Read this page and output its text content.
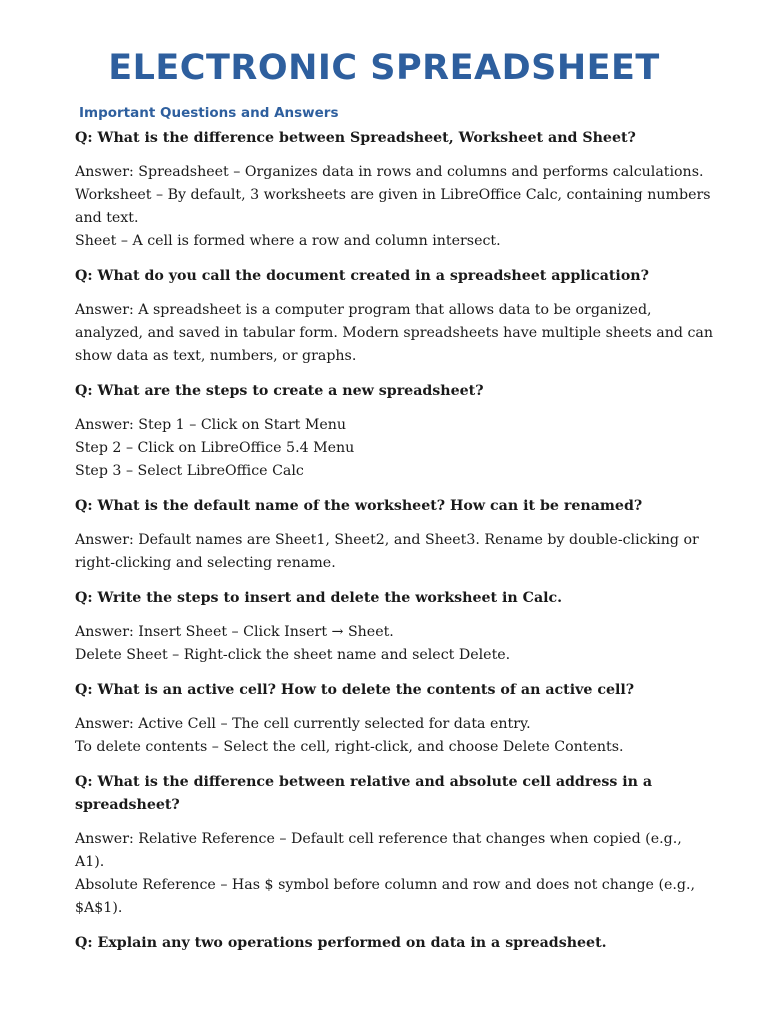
ELECTRONIC SPREADSHEET
Important Questions and Answers

Q: What is the difference between Spreadsheet, Worksheet and Sheet?

Answer: Spreadsheet – Organizes data in rows and columns and performs calculations. Worksheet – By default, 3 worksheets are given in LibreOffice Calc, containing numbers and text.
Sheet – A cell is formed where a row and column intersect.

Q: What do you call the document created in a spreadsheet application?

Answer: A spreadsheet is a computer program that allows data to be organized, analyzed, and saved in tabular form. Modern spreadsheets have multiple sheets and can show data as text, numbers, or graphs.

Q: What are the steps to create a new spreadsheet?

Answer: Step 1 – Click on Start Menu
Step 2 – Click on LibreOffice 5.4 Menu
Step 3 – Select LibreOffice Calc

Q: What is the default name of the worksheet? How can it be renamed?

Answer: Default names are Sheet1, Sheet2, and Sheet3. Rename by double-clicking or right-clicking and selecting rename.

Q: Write the steps to insert and delete the worksheet in Calc.

Answer: Insert Sheet – Click Insert → Sheet.
Delete Sheet – Right-click the sheet name and select Delete.

Q: What is an active cell? How to delete the contents of an active cell?

Answer: Active Cell – The cell currently selected for data entry.
To delete contents – Select the cell, right-click, and choose Delete Contents.

Q: What is the difference between relative and absolute cell address in a spreadsheet?

Answer: Relative Reference – Default cell reference that changes when copied (e.g., A1).
Absolute Reference – Has $ symbol before column and row and does not change (e.g., $A$1).

Q: Explain any two operations performed on data in a spreadsheet.
